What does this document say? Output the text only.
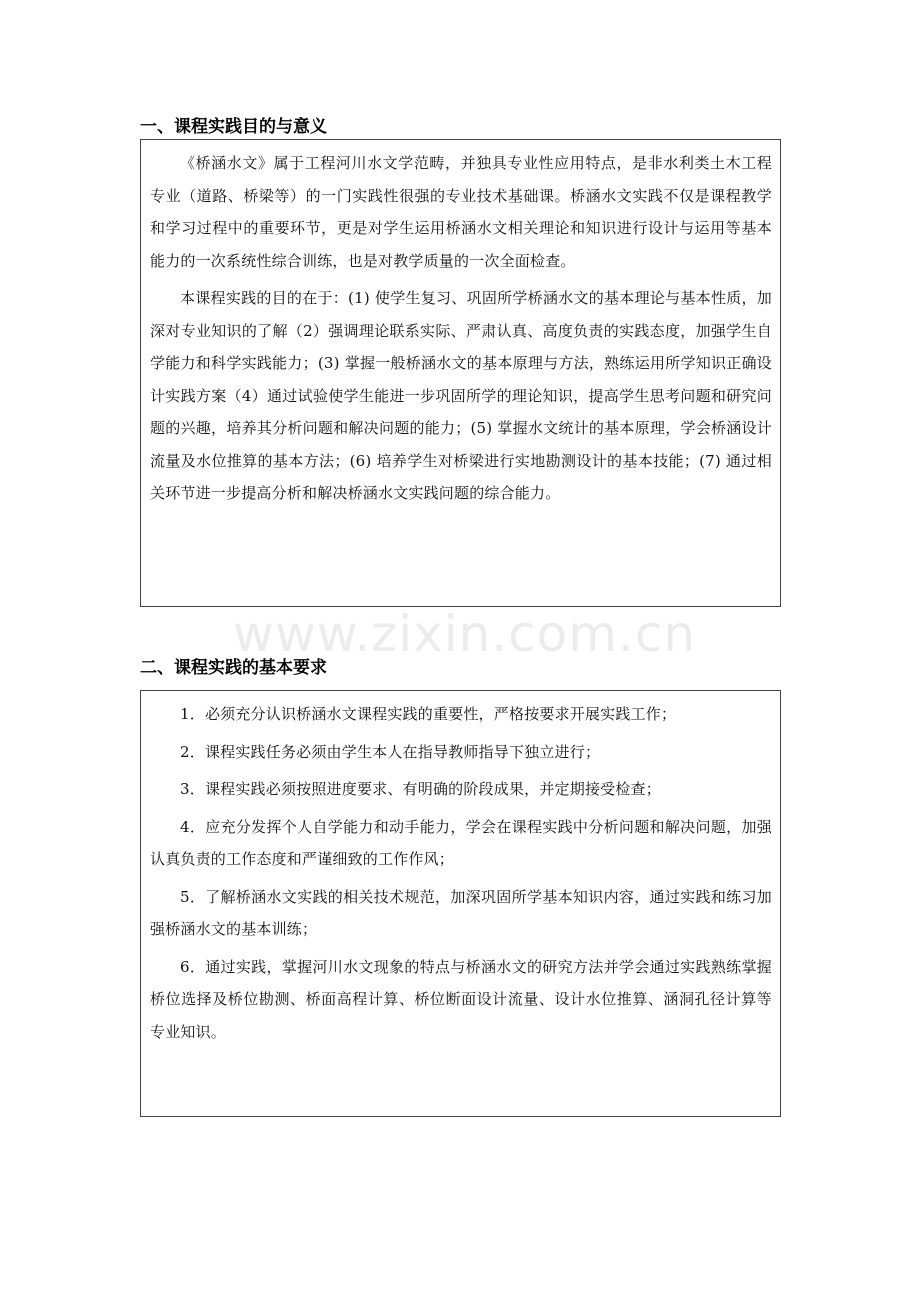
一、课程实践目的与意义

《桥涵水文》属于工程河川水文学范畴，并独具专业性应用特点，是非水利类土木工程专业（道路、桥梁等）的一门实践性很强的专业技术基础课。桥涵水文实践不仅是课程教学和学习过程中的重要环节，更是对学生运用桥涵水文相关理论和知识进行设计与运用等基本能力的一次系统性综合训练，也是对教学质量的一次全面检查。

本课程实践的目的在于：(1) 使学生复习、巩固所学桥涵水文的基本理论与基本性质，加深对专业知识的了解（2）强调理论联系实际、严肃认真、高度负责的实践态度，加强学生自学能力和科学实践能力；(3) 掌握一般桥涵水文的基本原理与方法，熟练运用所学知识正确设计实践方案（4）通过试验使学生能进一步巩固所学的理论知识，提高学生思考问题和研究问题的兴趣，培养其分析问题和解决问题的能力；(5) 掌握水文统计的基本原理，学会桥涵设计流量及水位推算的基本方法；(6) 培养学生对桥梁进行实地勘测设计的基本技能；(7) 通过相关环节进一步提高分析和解决桥涵水文实践问题的综合能力。

www.zixin.com.cn

二、课程实践的基本要求

1．必须充分认识桥涵水文课程实践的重要性，严格按要求开展实践工作；

2．课程实践任务必须由学生本人在指导教师指导下独立进行；

3．课程实践必须按照进度要求、有明确的阶段成果，并定期接受检查；

4．应充分发挥个人自学能力和动手能力，学会在课程实践中分析问题和解决问题，加强认真负责的工作态度和严谨细致的工作作风；

5．了解桥涵水文实践的相关技术规范，加深巩固所学基本知识内容，通过实践和练习加强桥涵水文的基本训练；

6．通过实践，掌握河川水文现象的特点与桥涵水文的研究方法并学会通过实践熟练掌握桥位选择及桥位勘测、桥面高程计算、桥位断面设计流量、设计水位推算、涵洞孔径计算等专业知识。
